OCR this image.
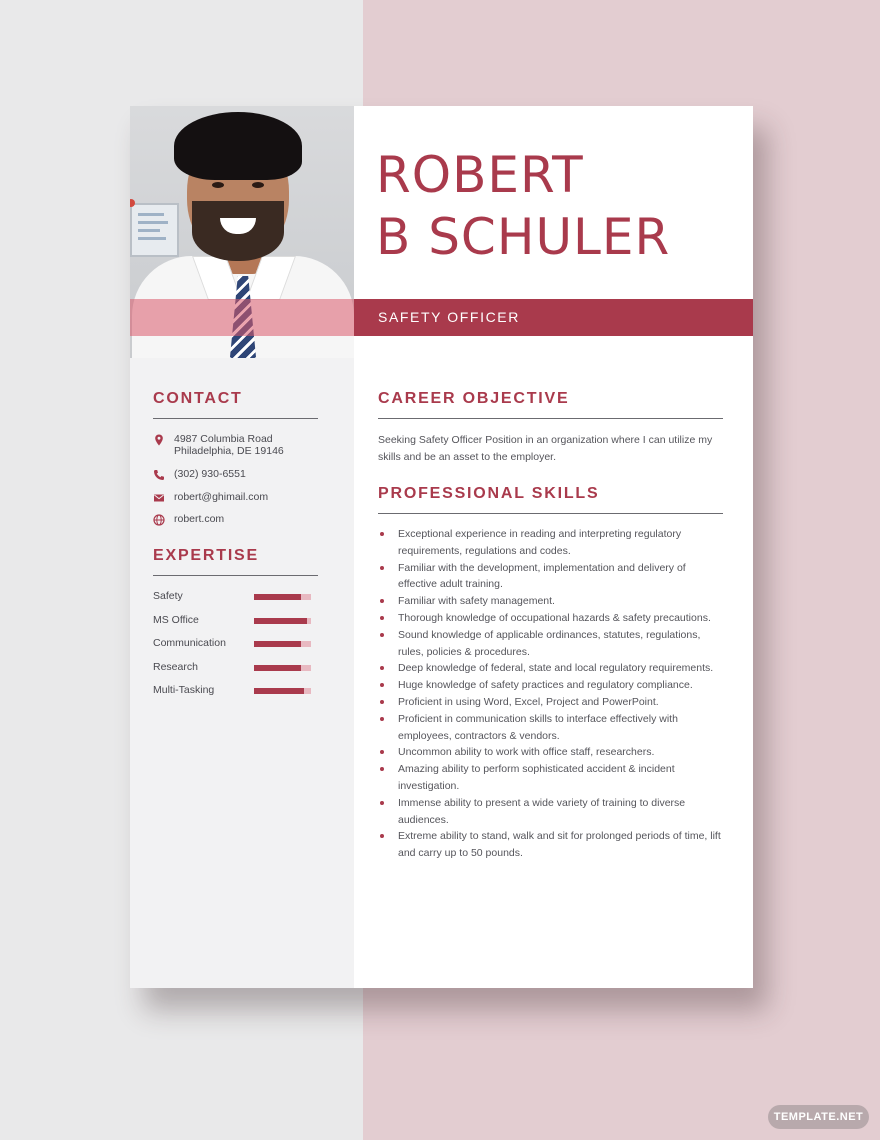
ROBERT
B SCHULER
SAFETY OFFICER
CONTACT
4987 Columbia Road
Philadelphia, DE 19146
(302) 930-6551
robert@ghimail.com
robert.com
EXPERTISE
Safety
MS Office
Communication
Research
Multi-Tasking
CAREER OBJECTIVE

Seeking Safety Officer Position in an organization where I can utilize my skills and be an asset to the employer.

PROFESSIONAL SKILLS
Exceptional experience in reading and interpreting regulatory requirements, regulations and codes.
Familiar with the development, implementation and delivery of effective adult training.
Familiar with safety management.
Thorough knowledge of occupational hazards & safety precautions.
Sound knowledge of applicable ordinances, statutes, regulations, rules, policies & procedures.
Deep knowledge of federal, state and local regulatory requirements.
Huge knowledge of safety practices and regulatory compliance.
Proficient in using Word, Excel, Project and PowerPoint.
Proficient in communication skills to interface effectively with employees, contractors & vendors.
Uncommon ability to work with office staff, researchers.
Amazing ability to perform sophisticated accident & incident investigation.
Immense ability to present a wide variety of training to diverse audiences.
Extreme ability to stand, walk and sit for prolonged periods of time, lift and carry up to 50 pounds.
TEMPLATE.NET
